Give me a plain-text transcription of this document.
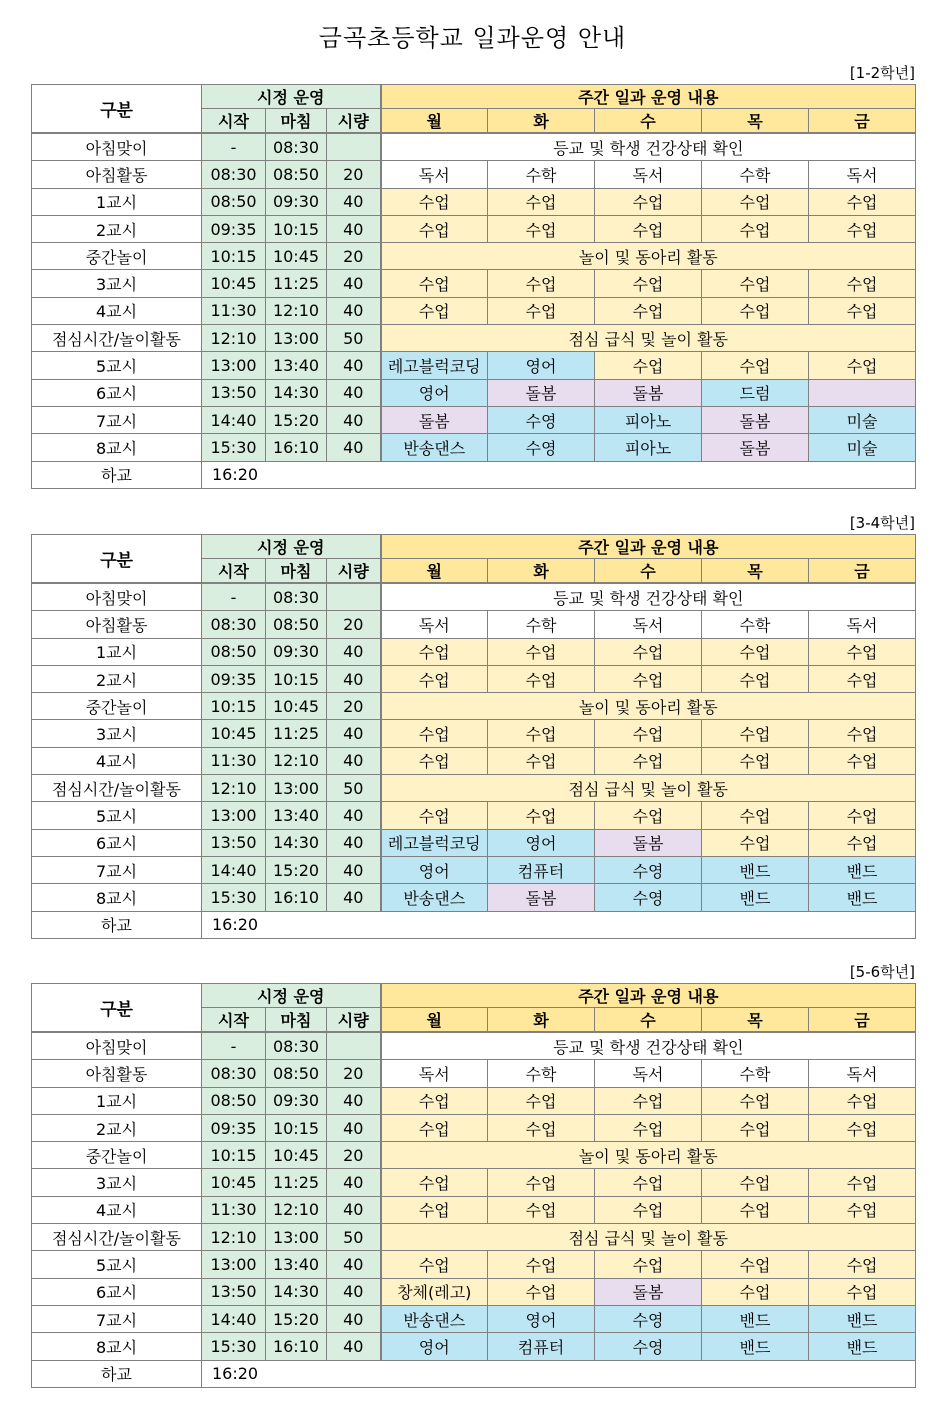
금곡초등학교 일과운영 안내
[1-2학년]
구분	시정 운영			주간 일과 운영 내용				
	시작	마침	시량	월	화	수	목	금
아침맞이	-	08:30		등교 및 학생 건강상태 확인				
아침활동	08:30	08:50	20	독서	수학	독서	수학	독서
1교시	08:50	09:30	40	수업	수업	수업	수업	수업
2교시	09:35	10:15	40	수업	수업	수업	수업	수업
중간놀이	10:15	10:45	20	놀이 및 동아리 활동				
3교시	10:45	11:25	40	수업	수업	수업	수업	수업
4교시	11:30	12:10	40	수업	수업	수업	수업	수업
점심시간/놀이활동	12:10	13:00	50	점심 급식 및 놀이 활동				
5교시	13:00	13:40	40	레고블럭코딩	영어	수업	수업	수업
6교시	13:50	14:30	40	영어	돌봄	돌봄	드럼	
7교시	14:40	15:20	40	돌봄	수영	피아노	돌봄	미술
8교시	15:30	16:10	40	반송댄스	수영	피아노	돌봄	미술
하교	16:20							
[3-4학년]
구분	시정 운영			주간 일과 운영 내용				
	시작	마침	시량	월	화	수	목	금
아침맞이	-	08:30		등교 및 학생 건강상태 확인				
아침활동	08:30	08:50	20	독서	수학	독서	수학	독서
1교시	08:50	09:30	40	수업	수업	수업	수업	수업
2교시	09:35	10:15	40	수업	수업	수업	수업	수업
중간놀이	10:15	10:45	20	놀이 및 동아리 활동				
3교시	10:45	11:25	40	수업	수업	수업	수업	수업
4교시	11:30	12:10	40	수업	수업	수업	수업	수업
점심시간/놀이활동	12:10	13:00	50	점심 급식 및 놀이 활동				
5교시	13:00	13:40	40	수업	수업	수업	수업	수업
6교시	13:50	14:30	40	레고블럭코딩	영어	돌봄	수업	수업
7교시	14:40	15:20	40	영어	컴퓨터	수영	밴드	밴드
8교시	15:30	16:10	40	반송댄스	돌봄	수영	밴드	밴드
하교	16:20							
[5-6학년]
구분	시정 운영			주간 일과 운영 내용				
	시작	마침	시량	월	화	수	목	금
아침맞이	-	08:30		등교 및 학생 건강상태 확인				
아침활동	08:30	08:50	20	독서	수학	독서	수학	독서
1교시	08:50	09:30	40	수업	수업	수업	수업	수업
2교시	09:35	10:15	40	수업	수업	수업	수업	수업
중간놀이	10:15	10:45	20	놀이 및 동아리 활동				
3교시	10:45	11:25	40	수업	수업	수업	수업	수업
4교시	11:30	12:10	40	수업	수업	수업	수업	수업
점심시간/놀이활동	12:10	13:00	50	점심 급식 및 놀이 활동				
5교시	13:00	13:40	40	수업	수업	수업	수업	수업
6교시	13:50	14:30	40	창체(레고)	수업	돌봄	수업	수업
7교시	14:40	15:20	40	반송댄스	영어	수영	밴드	밴드
8교시	15:30	16:10	40	영어	컴퓨터	수영	밴드	밴드
하교	16:20							
